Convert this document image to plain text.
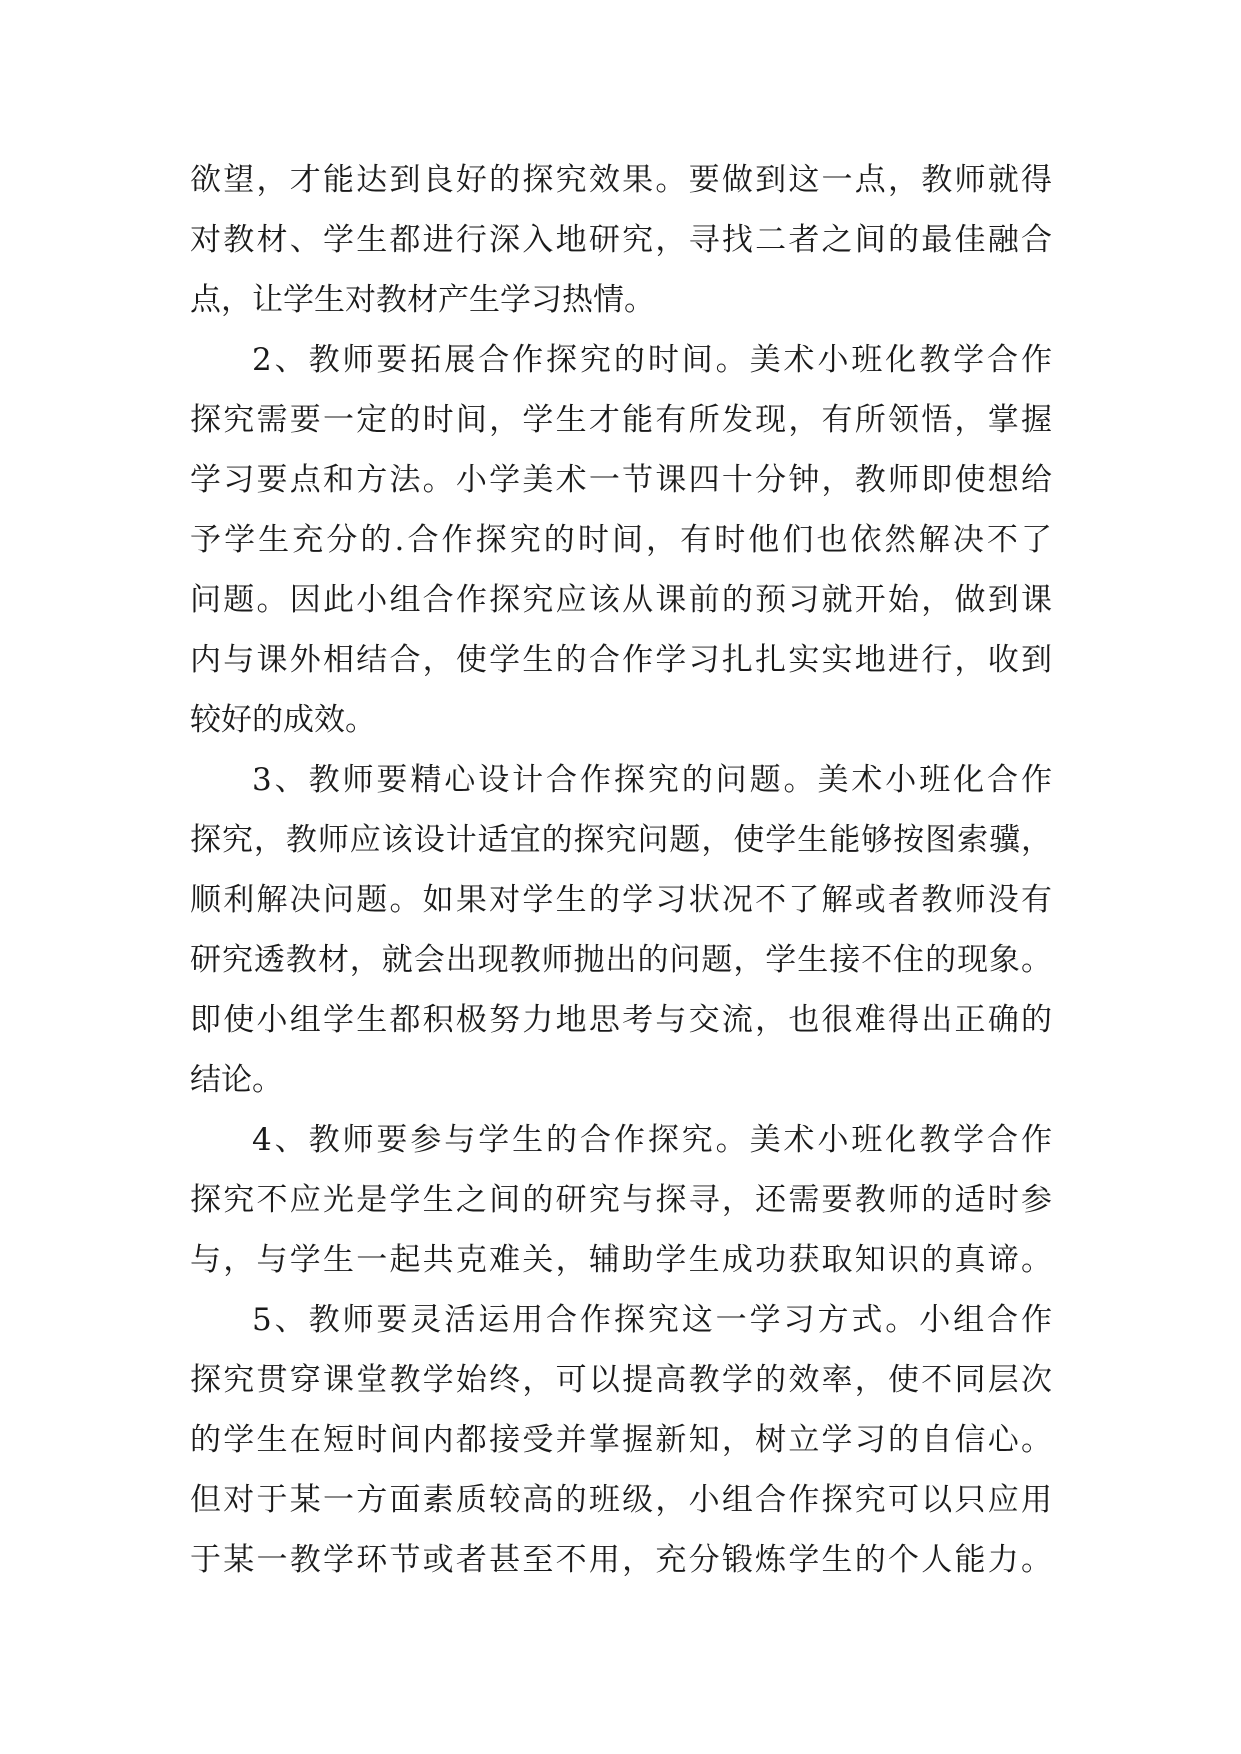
欲望，才能达到良好的探究效果。要做到这一点，教师就得
对教材、学生都进行深入地研究，寻找二者之间的最佳融合
点，让学生对教材产生学习热情。
2、教师要拓展合作探究的时间。美术小班化教学合作
探究需要一定的时间，学生才能有所发现，有所领悟，掌握
学习要点和方法。小学美术一节课四十分钟，教师即使想给
予学生充分的.合作探究的时间，有时他们也依然解决不了
问题。因此小组合作探究应该从课前的预习就开始，做到课
内与课外相结合，使学生的合作学习扎扎实实地进行，收到
较好的成效。
3、教师要精心设计合作探究的问题。美术小班化合作
探究，教师应该设计适宜的探究问题，使学生能够按图索骥，
顺利解决问题。如果对学生的学习状况不了解或者教师没有
研究透教材，就会出现教师抛出的问题，学生接不住的现象。
即使小组学生都积极努力地思考与交流，也很难得出正确的
结论。
4、教师要参与学生的合作探究。美术小班化教学合作
探究不应光是学生之间的研究与探寻，还需要教师的适时参
与，与学生一起共克难关，辅助学生成功获取知识的真谛。
5、教师要灵活运用合作探究这一学习方式。小组合作
探究贯穿课堂教学始终，可以提高教学的效率，使不同层次
的学生在短时间内都接受并掌握新知，树立学习的自信心。
但对于某一方面素质较高的班级，小组合作探究可以只应用
于某一教学环节或者甚至不用，充分锻炼学生的个人能力。
